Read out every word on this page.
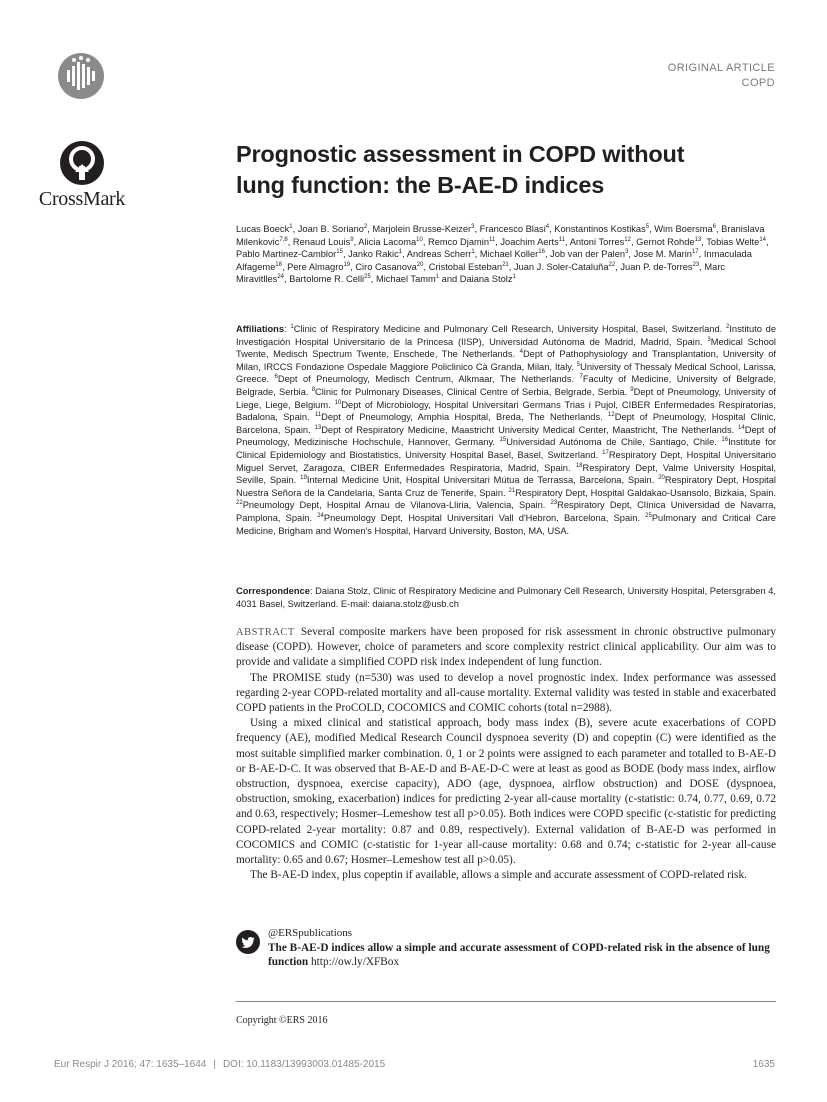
ORIGINAL ARTICLE
COPD
CrossMark
Prognostic assessment in COPD without
lung function: the B-AE-D indices
Lucas Boeck$^1$, Joan B. Soriano$^2$, Marjolein Brusse-Keizer$^3$, Francesco Blasi$^4$, Konstantinos Kostikas$^5$, Wim Boersma$^6$, Branislava Milenkovic$^{7,8}$, Renaud Louis$^9$, Alicia Lacoma$^{10}$, Remco Djamin$^{11}$, Joachim Aerts$^{11}$, Antoni Torres$^{12}$, Gernot Rohde$^{13}$, Tobias Welte$^{14}$, Pablo Martinez-Camblor$^{15}$, Janko Rakic$^1$, Andreas Scherr$^1$, Michael Koller$^{16}$, Job van der Palen$^3$, Jose M. Marin$^{17}$, Inmaculada Alfageme$^{18}$, Pere Almagro$^{19}$, Ciro Casanova$^{20}$, Cristobal Esteban$^{21}$, Juan J. Soler-Cataluña$^{22}$, Juan P. de-Torres$^{23}$, Marc Miravitlles$^{24}$, Bartolome R. Celli$^{25}$, Michael Tamm$^1$ and Daiana Stolz$^1$
Affiliations: $^1$Clinic of Respiratory Medicine and Pulmonary Cell Research, University Hospital, Basel, Switzerland. $^2$Instituto de Investigación Hospital Universitario de la Princesa (IISP), Universidad Autónoma de Madrid, Madrid, Spain. $^3$Medical School Twente, Medisch Spectrum Twente, Enschede, The Netherlands. $^4$Dept of Pathophysiology and Transplantation, University of Milan, IRCCS Fondazione Ospedale Maggiore Policlinico Cà Granda, Milan, Italy. $^5$University of Thessaly Medical School, Larissa, Greece. $^6$Dept of Pneumology, Medisch Centrum, Alkmaar, The Netherlands. $^7$Faculty of Medicine, University of Belgrade, Belgrade, Serbia. $^8$Clinic for Pulmonary Diseases, Clinical Centre of Serbia, Belgrade, Serbia. $^9$Dept of Pneumology, University of Liege, Liege, Belgium. $^{10}$Dept of Microbiology, Hospital Universitari Germans Trias i Pujol, CIBER Enfermedades Respiratorias, Badalona, Spain. $^{11}$Dept of Pneumology, Amphia Hospital, Breda, The Netherlands. $^{12}$Dept of Pneumology, Hospital Clinic, Barcelona, Spain. $^{13}$Dept of Respiratory Medicine, Maastricht University Medical Center, Maastricht, The Netherlands. $^{14}$Dept of Pneumology, Medizinische Hochschule, Hannover, Germany. $^{15}$Universidad Autónoma de Chile, Santiago, Chile. $^{16}$Institute for Clinical Epidemiology and Biostatistics, University Hospital Basel, Basel, Switzerland. $^{17}$Respiratory Dept, Hospital Universitario Miguel Servet, Zaragoza, CIBER Enfermedades Respiratoria, Madrid, Spain. $^{18}$Respiratory Dept, Valme University Hospital, Seville, Spain. $^{19}$Internal Medicine Unit, Hospital Universitari Mútua de Terrassa, Barcelona, Spain. $^{20}$Respiratory Dept, Hospital Nuestra Señora de la Candelaria, Santa Cruz de Tenerife, Spain. $^{21}$Respiratory Dept, Hospital Galdakao-Usansolo, Bizkaia, Spain. $^{22}$Pneumology Dept, Hospital Arnau de Vilanova-Lliria, Valencia, Spain. $^{23}$Respiratory Dept, Clínica Universidad de Navarra, Pamplona, Spain. $^{24}$Pneumology Dept, Hospital Universitari Vall d'Hebron, Barcelona, Spain. $^{25}$Pulmonary and Critical Care Medicine, Brigham and Women's Hospital, Harvard University, Boston, MA, USA.
Correspondence: Daiana Stolz, Clinic of Respiratory Medicine and Pulmonary Cell Research, University Hospital, Petersgraben 4, 4031 Basel, Switzerland. E-mail: daiana.stolz@usb.ch

ABSTRACT Several composite markers have been proposed for risk assessment in chronic obstructive pulmonary disease (COPD). However, choice of parameters and score complexity restrict clinical applicability. Our aim was to provide and validate a simplified COPD risk index independent of lung function.

The PROMISE study (n=530) was used to develop a novel prognostic index. Index performance was assessed regarding 2-year COPD-related mortality and all-cause mortality. External validity was tested in stable and exacerbated COPD patients in the ProCOLD, COCOMICS and COMIC cohorts (total n=2988).

Using a mixed clinical and statistical approach, body mass index (B), severe acute exacerbations of COPD frequency (AE), modified Medical Research Council dyspnoea severity (D) and copeptin (C) were identified as the most suitable simplified marker combination. 0, 1 or 2 points were assigned to each parameter and totalled to B-AE-D or B-AE-D-C. It was observed that B-AE-D and B-AE-D-C were at least as good as BODE (body mass index, airflow obstruction, dyspnoea, exercise capacity), ADO (age, dyspnoea, airflow obstruction) and DOSE (dyspnoea, obstruction, smoking, exacerbation) indices for predicting 2-year all-cause mortality (c-statistic: 0.74, 0.77, 0.69, 0.72 and 0.63, respectively; Hosmer–Lemeshow test all p>0.05). Both indices were COPD specific (c-statistic for predicting COPD-related 2-year mortality: 0.87 and 0.89, respectively). External validation of B-AE-D was performed in COCOMICS and COMIC (c-statistic for 1-year all-cause mortality: 0.68 and 0.74; c-statistic for 2-year all-cause mortality: 0.65 and 0.67; Hosmer–Lemeshow test all p>0.05).

The B-AE-D index, plus copeptin if available, allows a simple and accurate assessment of COPD-related risk.

@ERSpublications
The B-AE-D indices allow a simple and accurate assessment of COPD-related risk in the absence of lung function http://ow.ly/XFBox
Copyright ©ERS 2016
Eur Respir J 2016; 47: 1635–1644 | DOI: 10.1183/13993003.01485-2015	1635
